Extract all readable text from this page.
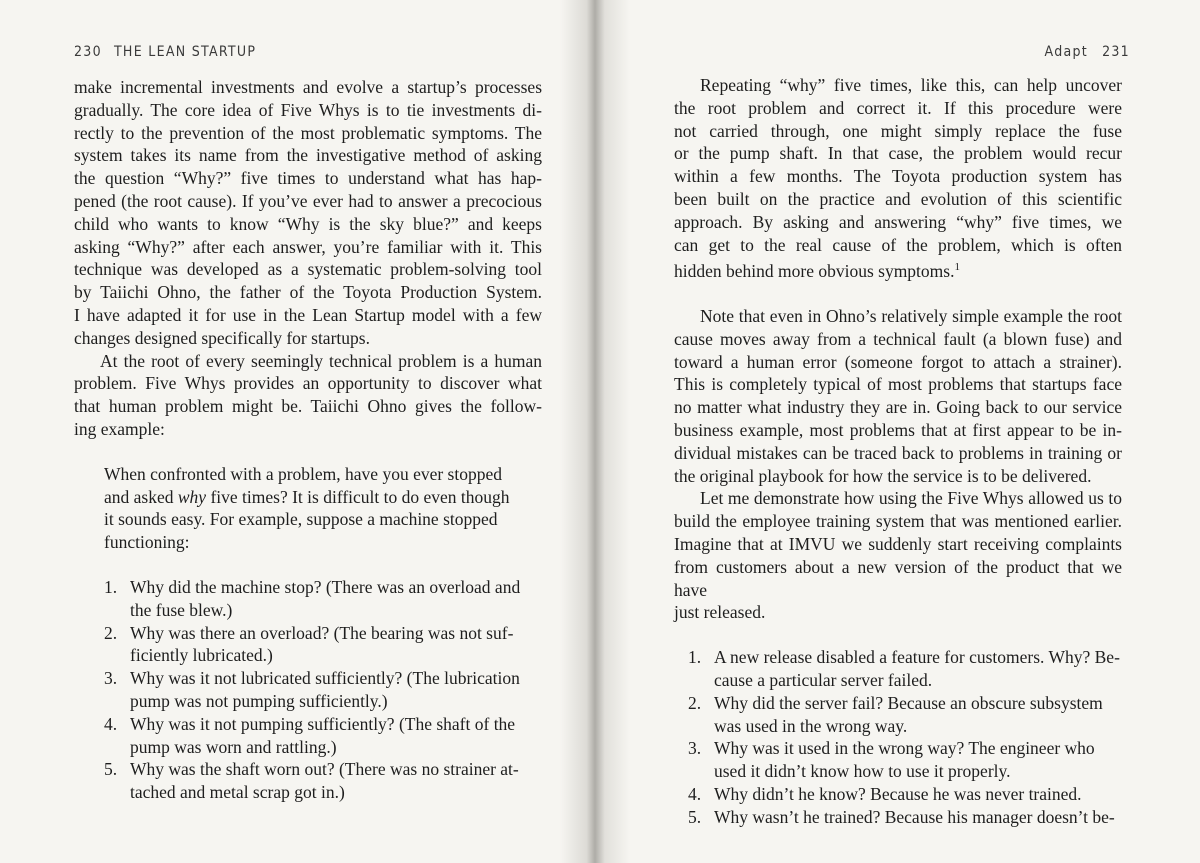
230 THE LEAN STARTUP

make incremental investments and evolve a startup’s processes
gradually. The core idea of Five Whys is to tie investments di-
rectly to the prevention of the most problematic symptoms. The
system takes its name from the investigative method of asking
the question “Why?” five times to understand what has hap-
pened (the root cause). If you’ve ever had to answer a precocious
child who wants to know “Why is the sky blue?” and keeps
asking “Why?” after each answer, you’re familiar with it. This
technique was developed as a systematic problem-solving tool
by Taiichi Ohno, the father of the Toyota Production System.
I have adapted it for use in the Lean Startup model with a few
changes designed specifically for startups.

At the root of every seemingly technical problem is a human
problem. Five Whys provides an opportunity to discover what
that human problem might be. Taiichi Ohno gives the follow-
ing example:

When confronted with a problem, have you ever stopped
and asked why five times? It is difficult to do even though
it sounds easy. For example, suppose a machine stopped
functioning:
1. Why did the machine stop? (There was an overload and
the fuse blew.)
2. Why was there an overload? (The bearing was not suf-
ficiently lubricated.)
3. Why was it not lubricated sufficiently? (The lubrication
pump was not pumping sufficiently.)
4. Why was it not pumping sufficiently? (The shaft of the
pump was worn and rattling.)
5. Why was the shaft worn out? (There was no strainer at-
tached and metal scrap got in.)
Adapt 231

Repeating “why” five times, like this, can help uncover
the root problem and correct it. If this procedure were
not carried through, one might simply replace the fuse
or the pump shaft. In that case, the problem would recur
within a few months. The Toyota production system has
been built on the practice and evolution of this scientific
approach. By asking and answering “why” five times, we
can get to the real cause of the problem, which is often
hidden behind more obvious symptoms.$^1$

Note that even in Ohno’s relatively simple example the root
cause moves away from a technical fault (a blown fuse) and
toward a human error (someone forgot to attach a strainer).
This is completely typical of most problems that startups face
no matter what industry they are in. Going back to our service
business example, most problems that at first appear to be in-
dividual mistakes can be traced back to problems in training or
the original playbook for how the service is to be delivered.

Let me demonstrate how using the Five Whys allowed us to
build the employee training system that was mentioned earlier.
Imagine that at IMVU we suddenly start receiving complaints
from customers about a new version of the product that we have
just released.

1. A new release disabled a feature for customers. Why? Be-
cause a particular server failed.
2. Why did the server fail? Because an obscure subsystem
was used in the wrong way.
3. Why was it used in the wrong way? The engineer who
used it didn’t know how to use it properly.
4. Why didn’t he know? Because he was never trained.
5. Why wasn’t he trained? Because his manager doesn’t be-
